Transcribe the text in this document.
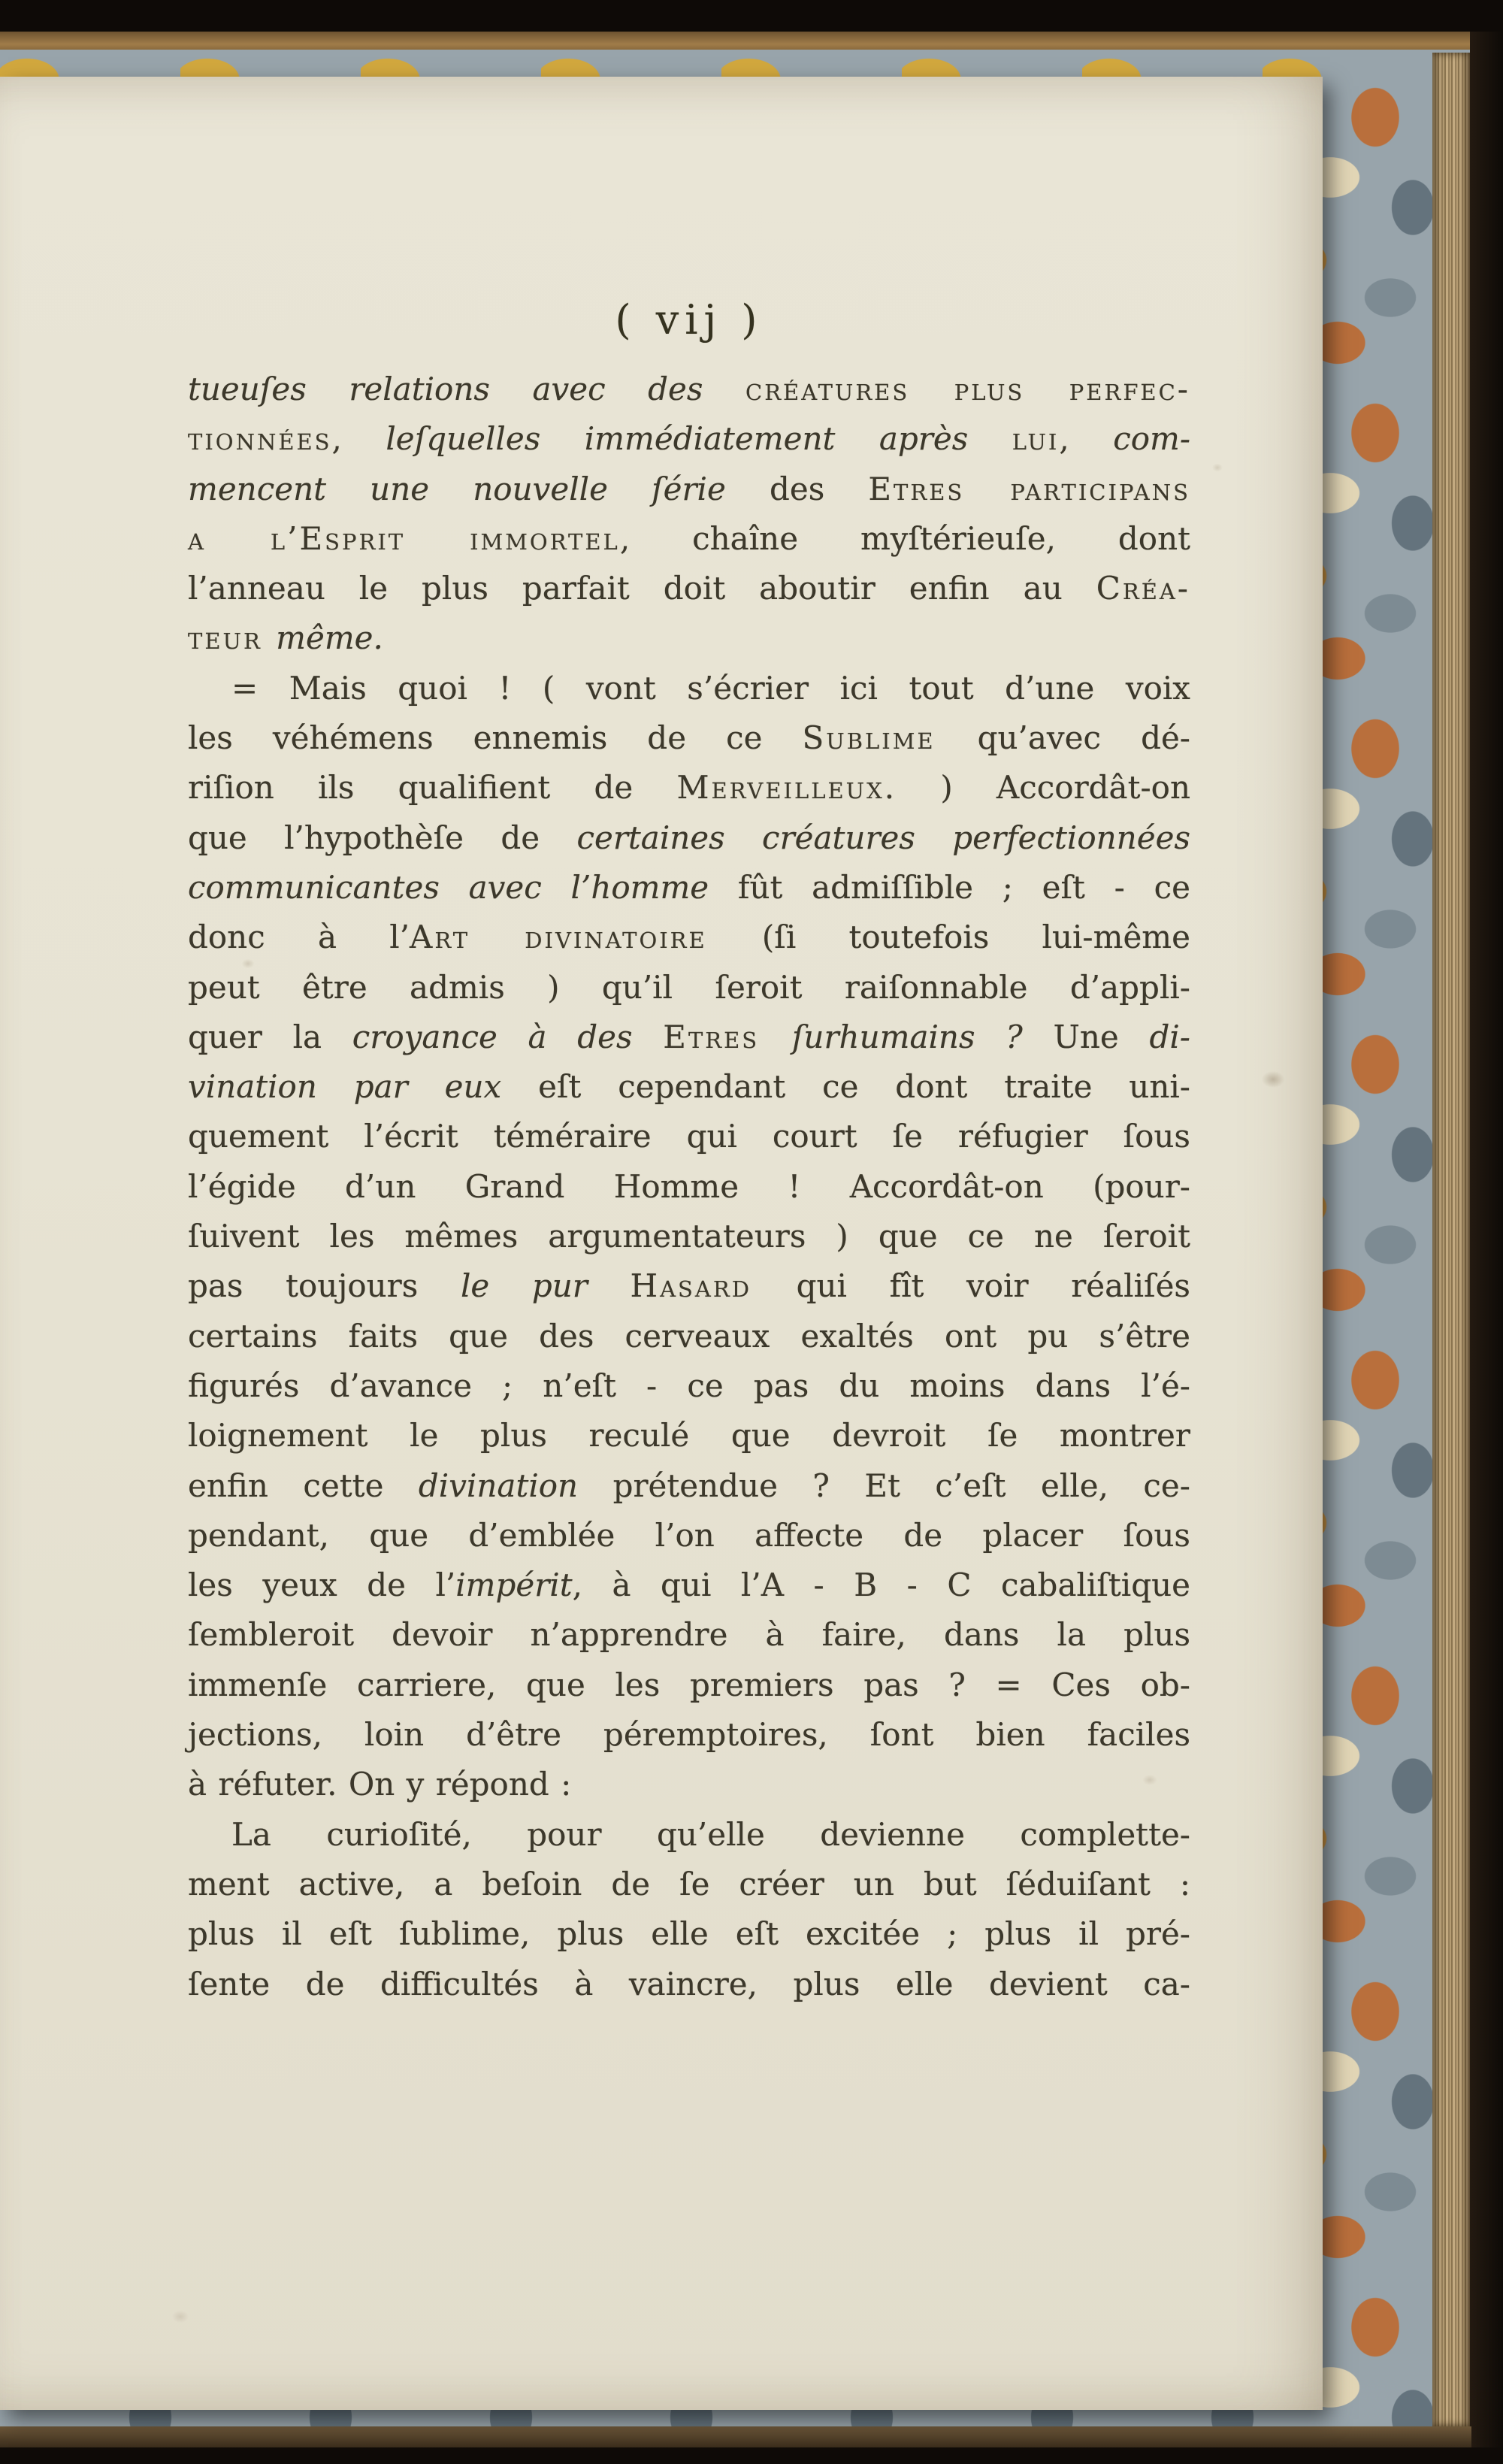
( vij )
tueuſes relations avec des créatures plus perfec-
tionnées, leſquelles immédiatement après lui, com-
mencent une nouvelle ſérie des Etres participans
a l’Esprit immortel, chaîne myſtérieuſe, dont
l’anneau le plus parfait doit aboutir enfin au Créa-
teur même.
= Mais quoi ! ( vont s’écrier ici tout d’une voix
les véhémens ennemis de ce Sublime qu’avec dé-
riſion ils qualifient de Merveilleux. ) Accordât-on
que l’hypothèſe de certaines créatures perfectionnées
communicantes avec l’homme fût admiſſible ; eſt - ce
donc à l’Art divinatoire (ſi toutefois lui-même
peut être admis ) qu’il ſeroit raiſonnable d’appli-
quer la croyance à des Etres ſurhumains ? Une di-
vination par eux eſt cependant ce dont traite uni-
quement l’écrit téméraire qui court ſe réfugier ſous
l’égide d’un Grand Homme ! Accordât-on (pour-
ſuivent les mêmes argumentateurs ) que ce ne ſeroit
pas toujours le pur Hasard qui fît voir réaliſés
certains faits que des cerveaux exaltés ont pu s’être
figurés d’avance ; n’eſt - ce pas du moins dans l’é-
loignement le plus reculé que devroit ſe montrer
enfin cette divination prétendue ? Et c’eſt elle, ce-
pendant, que d’emblée l’on affecte de placer ſous
les yeux de l’impérit, à qui l’A - B - C cabaliſtique
ſembleroit devoir n’apprendre à faire, dans la plus
immenſe carriere, que les premiers pas ? = Ces ob-
jections, loin d’être péremptoires, ſont bien faciles
à réfuter. On y répond :
La curioſité, pour qu’elle devienne complette-
ment active, a beſoin de ſe créer un but ſéduiſant :
plus il eſt ſublime, plus elle eſt excitée ; plus il pré-
ſente de difficultés à vaincre, plus elle devient ca-
